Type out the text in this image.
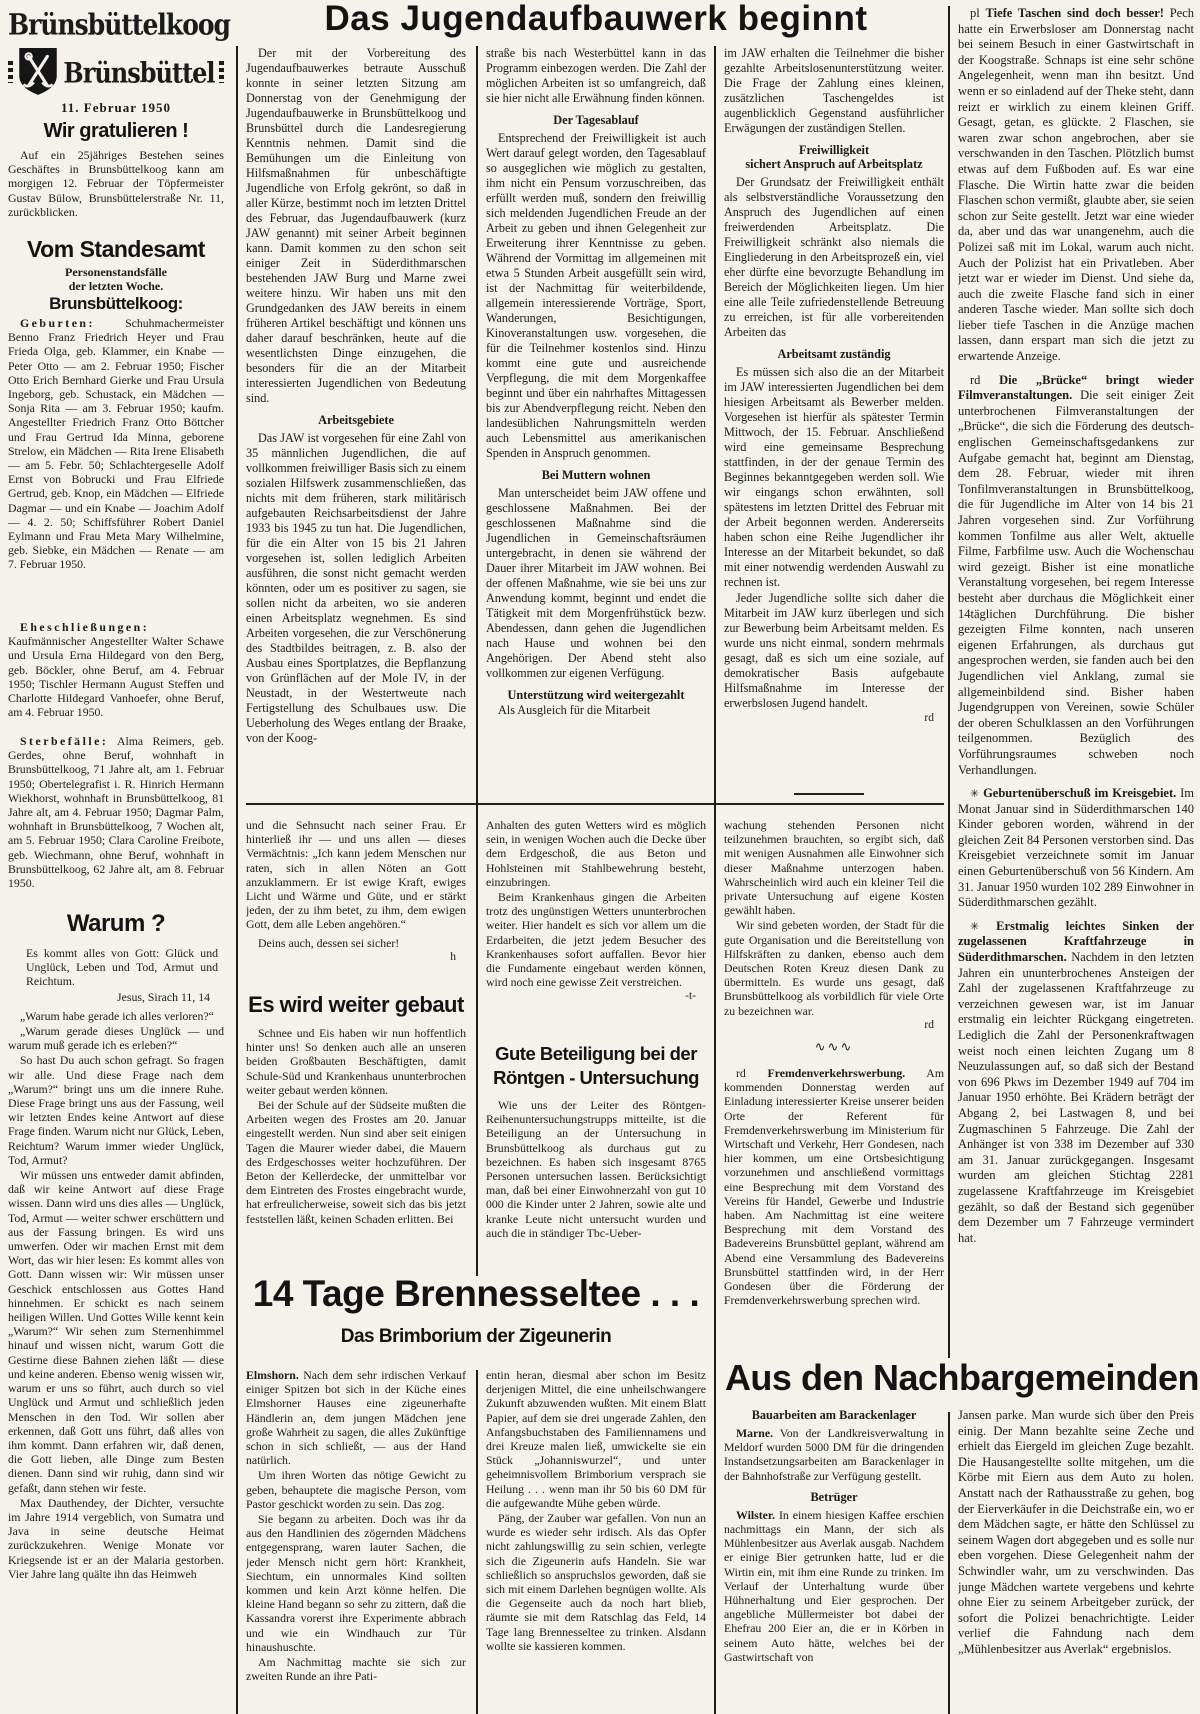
Brünsbüttelkoog
Brünsbüttel
11. Februar 1950
Wir gratulieren !

Auf ein 25jähriges Bestehen seines Geschäftes in Brunsbüttelkoog kann am morgigen 12. Februar der Töpfermeister Gustav Bülow, Brunsbüttelerstraße Nr. 11, zurückblicken.

Vom Standesamt
Personenstandsfälle
der letzten Woche.
Brunsbüttelkoog:

Geburten:	Schuhmachermeister Benno Franz Friedrich Heyer und Frau Frieda Olga, geb. Klammer, ein Knabe — Peter Otto — am 2. Februar 1950; Fischer Otto Erich Bernhard Gierke und Frau Ursula Ingeborg, geb. Schustack, ein Mädchen — Sonja Rita — am 3. Februar 1950; kaufm. Angestellter Friedrich Franz Otto Böttcher und Frau Gertrud Ida Minna, geborene Strelow, ein Mädchen — Rita Irene Elisabeth — am 5. Febr. 50; Schlachtergeselle Adolf Ernst von Bobrucki und Frau Elfriede Gertrud, geb. Knop, ein Mädchen — Elfriede Dagmar — und ein Knabe — Joachim Adolf — 4. 2. 50; Schiffsführer Robert Daniel Eylmann und Frau Meta Mary Wilhelmine, geb. Siebke, ein Mädchen — Renate — am 7. Februar 1950.

Eheschließungen: Kaufmännischer Angestellter Walter Schawe und Ursula Erna Hildegard von den Berg, geb. Böckler, ohne Beruf, am 4. Februar 1950; Tischler Hermann August Steffen und Charlotte Hildegard Vanhoefer, ohne Beruf, am 4. Februar 1950.

Sterbefälle: Alma Reimers, geb. Gerdes, ohne Beruf, wohnhaft in Brunsbüttelkoog, 71 Jahre alt, am 1. Februar 1950; Obertelegrafist i. R. Hinrich Hermann Wiekhorst, wohnhaft in Brunsbüttelkoog, 81 Jahre alt, am 4. Februar 1950; Dagmar Palm, wohnhaft in Brunsbüttelkoog, 7 Wochen alt, am 5. Februar 1950; Clara Caroline Freibote, geb. Wiechmann, ohne Beruf, wohnhaft in Brunsbüttelkoog, 62 Jahre alt, am 8. Februar 1950.

Warum ?
Es kommt alles von Gott: Glück und Unglück, Leben und Tod, Armut und Reichtum.
Jesus, Sirach 11, 14

„Warum habe gerade ich alles verloren?“

„Warum gerade dieses Unglück — und warum muß gerade ich es erleben?“

So hast Du auch schon gefragt. So fragen wir alle. Und diese Frage nach dem „Warum?“ bringt uns um die innere Ruhe. Diese Frage bringt uns aus der Fassung, weil wir letzten Endes keine Antwort auf diese Frage finden. Warum nicht nur Glück, Leben, Reichtum? Warum immer wieder Unglück, Tod, Armut?

Wir müssen uns entweder damit abfinden, daß wir keine Antwort auf diese Frage wissen. Dann wird uns dies alles — Unglück, Tod, Armut — weiter schwer erschüttern und aus der Fassung bringen. Es wird uns umwerfen. Oder wir machen Ernst mit dem Wort, das wir hier lesen: Es kommt alles von Gott. Dann wissen wir: Wir müssen unser Geschick entschlossen aus Gottes Hand hinnehmen. Er schickt es nach seinem heiligen Willen. Und Gottes Wille kennt kein „Warum?“ Wir sehen zum Sternenhimmel hinauf und wissen nicht, warum Gott die Gestirne diese Bahnen ziehen läßt — diese und keine anderen. Ebenso wenig wissen wir, warum er uns so führt, auch durch so viel Unglück und Armut und schließlich jeden Menschen in den Tod. Wir sollen aber erkennen, daß Gott uns führt, daß alles von ihm kommt. Dann erfahren wir, daß denen, die Gott lieben, alle Dinge zum Besten dienen. Dann sind wir ruhig, dann sind wir gefaßt, dann stehen wir feste.

Max Dauthendey, der Dichter, versuchte im Jahre 1914 vergeblich, von Sumatra und Java in seine deutsche Heimat zurückzukehren. Wenige Monate vor Kriegsende ist er an der Malaria gestorben. Vier Jahre lang quälte ihn das Heimweh

Das Jugendaufbauwerk beginnt

Der mit der Vorbereitung des Jugendaufbauwerkes betraute Ausschuß konnte in seiner letzten Sitzung am Donnerstag von der Genehmigung der Jugendaufbauwerke in Brunsbüttelkoog und Brunsbüttel durch die Landesregierung Kenntnis nehmen. Damit sind die Bemühungen um die Einleitung von Hilfsmaßnahmen für unbeschäftigte Jugendliche von Erfolg gekrönt, so daß in aller Kürze, bestimmt noch im letzten Drittel des Februar, das Jugendaufbauwerk (kurz JAW genannt) mit seiner Arbeit beginnen kann. Damit kommen zu den schon seit einiger Zeit in Süderdithmarschen bestehenden JAW Burg und Marne zwei weitere hinzu. Wir haben uns mit den Grundgedanken des JAW bereits in einem früheren Artikel beschäftigt und können uns daher darauf beschränken, heute auf die wesentlichsten Dinge einzugehen, die besonders für die an der Mitarbeit interessierten Jugendlichen von Bedeutung sind.

Arbeitsgebiete

Das JAW ist vorgesehen für eine Zahl von 35 männlichen Jugendlichen, die auf vollkommen freiwilliger Basis sich zu einem sozialen Hilfswerk zusammenschließen, das nichts mit dem früheren, stark militärisch aufgebauten Reichsarbeitsdienst der Jahre 1933 bis 1945 zu tun hat. Die Jugendlichen, für die ein Alter von 15 bis 21 Jahren vorgesehen ist, sollen lediglich Arbeiten ausführen, die sonst nicht gemacht werden könnten, oder um es positiver zu sagen, sie sollen nicht da arbeiten, wo sie anderen einen Arbeitsplatz wegnehmen. Es sind Arbeiten vorgesehen, die zur Verschönerung des Stadtbildes beitragen, z. B. also der Ausbau eines Sportplatzes, die Bepflanzung von Grünflächen auf der Mole IV, in der Neustadt, in der Westertweute nach Fertigstellung des Schulbaues usw. Die Ueberholung des Weges entlang der Braake, von der Koog-

und die Sehnsucht nach seiner Frau. Er hinterließ ihr — und uns allen — dieses Vermächtnis: „Ich kann jedem Menschen nur raten, sich in allen Nöten an Gott anzuklammern. Er ist ewige Kraft, ewiges Licht und Wärme und Güte, und er stärkt jeden, der zu ihm betet, zu ihm, dem ewigen Gott, dem alle Leben angehören.“

Deins auch, dessen sei sicher!

h
Es wird weiter gebaut

Schnee und Eis haben wir nun hoffentlich hinter uns! So denken auch alle an unseren beiden Großbauten Beschäftigten, damit Schule-Süd und Krankenhaus ununterbrochen weiter gebaut werden können.

Bei der Schule auf der Südseite mußten die Arbeiten wegen des Frostes am 20. Januar eingestellt werden. Nun sind aber seit einigen Tagen die Maurer wieder dabei, die Mauern des Erdgeschosses weiter hochzuführen. Der Beton der Kellerdecke, der unmittelbar vor dem Eintreten des Frostes eingebracht wurde, hat erfreulicherweise, soweit sich das bis jetzt feststellen läßt, keinen Schaden erlitten. Bei

14 Tage Brennesseltee . . .
Das Brimborium der Zigeunerin

Elmshorn. Nach dem sehr irdischen Verkauf einiger Spitzen bot sich in der Küche eines Elmshorner Hauses eine zigeunerhafte Händlerin an, dem jungen Mädchen jene große Wahrheit zu sagen, die alles Zukünftige schon in sich schließt, — aus der Hand natürlich.

Um ihren Worten das nötige Gewicht zu geben, behauptete die magische Person, vom Pastor geschickt worden zu sein. Das zog.

Sie begann zu arbeiten. Doch was ihr da aus den Handlinien des zögernden Mädchens entgegensprang, waren lauter Sachen, die jeder Mensch nicht gern hört: Krankheit, Siechtum, ein unnormales Kind sollten kommen und kein Arzt könne helfen. Die kleine Hand begann so sehr zu zittern, daß die Kassandra vorerst ihre Experimente abbrach und wie ein Windhauch zur Tür hinaushuschte.

Am Nachmittag machte sie sich zur zweiten Runde an ihre Pati-

straße bis nach Westerbüttel kann in das Programm einbezogen werden. Die Zahl der möglichen Arbeiten ist so umfangreich, daß sie hier nicht alle Erwähnung finden können.

Der Tagesablauf

Entsprechend der Freiwilligkeit ist auch Wert darauf gelegt worden, den Tagesablauf so ausgeglichen wie möglich zu gestalten, ihm nicht ein Pensum vorzuschreiben, das erfüllt werden muß, sondern den freiwillig sich meldenden Jugendlichen Freude an der Arbeit zu geben und ihnen Gelegenheit zur Erweiterung ihrer Kenntnisse zu geben. Während der Vormittag im allgemeinen mit etwa 5 Stunden Arbeit ausgefüllt sein wird, ist der Nachmittag für weiterbildende, allgemein interessierende Vorträge, Sport, Wanderungen, Besichtigungen, Kinoveranstaltungen usw. vorgesehen, die für die Teilnehmer kostenlos sind. Hinzu kommt eine gute und ausreichende Verpflegung, die mit dem Morgenkaffee beginnt und über ein nahrhaftes Mittagessen bis zur Abendverpflegung reicht. Neben den landesüblichen Nahrungsmitteln werden auch Lebensmittel aus amerikanischen Spenden in Anspruch genommen.

Bei Muttern wohnen

Man unterscheidet beim JAW offene und geschlossene Maßnahmen. Bei der geschlossenen Maßnahme sind die Jugendlichen in Gemeinschaftsräumen untergebracht, in denen sie während der Dauer ihrer Mitarbeit im JAW wohnen. Bei der offenen Maßnahme, wie sie bei uns zur Anwendung kommt, beginnt und endet die Tätigkeit mit dem Morgenfrühstück bezw. Abendessen, dann gehen die Jugendlichen nach Hause und wohnen bei den Angehörigen. Der Abend steht also vollkommen zur eigenen Verfügung.

Unterstützung wird weitergezahlt

Als Ausgleich für die Mitarbeit

Anhalten des guten Wetters wird es möglich sein, in wenigen Wochen auch die Decke über dem Erdgeschoß, die aus Beton und Hohlsteinen mit Stahlbewehrung besteht, einzubringen.

Beim Krankenhaus gingen die Arbeiten trotz des ungünstigen Wetters ununterbrochen weiter. Hier handelt es sich vor allem um die Erdarbeiten, die jetzt jedem Besucher des Krankenhauses sofort auffallen. Bevor hier die Fundamente eingebaut werden können, wird noch eine gewisse Zeit verstreichen.

-t-
Gute Beteiligung bei der
Röntgen - Untersuchung

Wie uns der Leiter des Röntgen-Reihenuntersuchungstrupps mitteilte, ist die Beteiligung an der Untersuchung in Brunsbüttelkoog als durchaus gut zu bezeichnen. Es haben sich insgesamt 8765 Personen untersuchen lassen. Berücksichtigt man, daß bei einer Einwohnerzahl von gut 10 000 die Kinder unter 2 Jahren, sowie alte und kranke Leute nicht untersucht wurden und auch die in ständiger Tbc-Ueber-

entin heran, diesmal aber schon im Besitz derjenigen Mittel, die eine unheilschwangere Zukunft abzuwenden wußten. Mit einem Blatt Papier, auf dem sie drei ungerade Zahlen, den Anfangsbuchstaben des Familiennamens und drei Kreuze malen ließ, umwickelte sie ein Stück „Johanniswurzel“, und unter geheimnisvollem Brimborium versprach sie Heilung . . . wenn man ihr 50 bis 60 DM für die aufgewandte Mühe geben würde.

Päng, der Zauber war gefallen. Von nun an wurde es wieder sehr irdisch. Als das Opfer nicht zahlungswillig zu sein schien, verlegte sich die Zigeunerin aufs Handeln. Sie war schließlich so anspruchslos geworden, daß sie sich mit einem Darlehen begnügen wollte. Als die Gegenseite auch da noch hart blieb, räumte sie mit dem Ratschlag das Feld, 14 Tage lang Brennesseltee zu trinken. Alsdann wollte sie kassieren kommen.

im JAW erhalten die Teilnehmer die bisher gezahlte Arbeitslosenunterstützung weiter. Die Frage der Zahlung eines kleinen, zusätzlichen Taschengeldes ist augenblicklich Gegenstand ausführlicher Erwägungen der zuständigen Stellen.

Freiwilligkeit

sichert Anspruch auf Arbeitsplatz

Der Grundsatz der Freiwilligkeit enthält als selbstverständliche Voraussetzung den Anspruch des Jugendlichen auf einen freiwerdenden Arbeitsplatz. Die Freiwilligkeit schränkt also niemals die Eingliederung in den Arbeitsprozeß ein, viel eher dürfte eine bevorzugte Behandlung im Bereich der Möglichkeiten liegen. Um hier eine alle Teile zufriedenstellende Betreuung zu erreichen, ist für alle vorbereitenden Arbeiten das

Arbeitsamt zuständig

Es müssen sich also die an der Mitarbeit im JAW interessierten Jugendlichen bei dem hiesigen Arbeitsamt als Bewerber melden. Vorgesehen ist hierfür als spätester Termin Mittwoch, der 15. Februar. Anschließend wird eine gemeinsame Besprechung stattfinden, in der der genaue Termin des Beginnes bekanntgegeben werden soll. Wie wir eingangs schon erwähnten, soll spätestens im letzten Drittel des Februar mit der Arbeit begonnen werden. Andererseits haben schon eine Reihe Jugendlicher ihr Interesse an der Mitarbeit bekundet, so daß mit einer notwendig werdenden Auswahl zu rechnen ist.

Jeder Jugendliche sollte sich daher die Mitarbeit im JAW kurz überlegen und sich zur Bewerbung beim Arbeitsamt melden. Es wurde uns nicht einmal, sondern mehrmals gesagt, daß es sich um eine soziale, auf demokratischer Basis aufgebaute Hilfsmaßnahme im Interesse der erwerbslosen Jugend handelt.

rd

wachung stehenden Personen nicht teilzunehmen brauchten, so ergibt sich, daß mit wenigen Ausnahmen alle Einwohner sich dieser Maßnahme unterzogen haben. Wahrscheinlich wird auch ein kleiner Teil die private Untersuchung auf eigene Kosten gewählt haben.

Wir sind gebeten worden, der Stadt für die gute Organisation und die Bereitstellung von Hilfskräften zu danken, ebenso auch dem Deutschen Roten Kreuz diesen Dank zu übermitteln. Es wurde uns gesagt, daß Brunsbüttelkoog als vorbildlich für viele Orte zu bezeichnen war.

rd
∿∿∿

rd Fremdenverkehrswerbung. Am kommenden Donnerstag werden auf Einladung interessierter Kreise unserer beiden Orte der Referent für Fremdenverkehrswerbung im Ministerium für Wirtschaft und Verkehr, Herr Gondesen, nach hier kommen, um eine Ortsbesichtigung vorzunehmen und anschließend vormittags eine Besprechung mit dem Vorstand des Vereins für Handel, Gewerbe und Industrie haben. Am Nachmittag ist eine weitere Besprechung mit dem Vorstand des Badevereins Brunsbüttel geplant, während am Abend eine Versammlung des Badevereins Brunsbüttel stattfinden wird, in der Herr Gondesen über die Förderung der Fremdenverkehrswerbung sprechen wird.

Aus den Nachbargemeinden

Bauarbeiten am Barackenlager

Marne. Von der Landkreisverwaltung in Meldorf wurden 5000 DM für die dringenden Instandsetzungsarbeiten am Barackenlager in der Bahnhofstraße zur Verfügung gestellt.

Betrüger

Wilster. In einem hiesigen Kaffee erschien nachmittags ein Mann, der sich als Mühlenbesitzer aus Averlak ausgab. Nachdem er einige Bier getrunken hatte, lud er die Wirtin ein, mit ihm eine Runde zu trinken. Im Verlauf der Unterhaltung wurde über Hühnerhaltung und Eier gesprochen. Der angebliche Müllermeister bot dabei der Ehefrau 200 Eier an, die er in Körben in seinem Auto hätte, welches bei der Gastwirtschaft von

pl Tiefe Taschen sind doch besser! Pech hatte ein Erwerbsloser am Donnerstag nacht bei seinem Besuch in einer Gastwirtschaft in der Koogstraße. Schnaps ist eine sehr schöne Angelegenheit, wenn man ihn besitzt. Und wenn er so einladend auf der Theke steht, dann reizt er wirklich zu einem kleinen Griff. Gesagt, getan, es glückte. 2 Flaschen, sie waren zwar schon angebrochen, aber sie verschwanden in den Taschen. Plötzlich bumst etwas auf dem Fußboden auf. Es war eine Flasche. Die Wirtin hatte zwar die beiden Flaschen schon vermißt, glaubte aber, sie seien schon zur Seite gestellt. Jetzt war eine wieder da, aber und das war unangenehm, auch die Polizei saß mit im Lokal, warum auch nicht. Auch der Polizist hat ein Privatleben. Aber jetzt war er wieder im Dienst. Und siehe da, auch die zweite Flasche fand sich in einer anderen Tasche wieder. Man sollte sich doch lieber tiefe Taschen in die Anzüge machen lassen, dann erspart man sich die jetzt zu erwartende Anzeige.

rd Die „Brücke“ bringt wieder Filmveranstaltungen. Die seit einiger Zeit unterbrochenen Filmveranstaltungen der „Brücke“, die sich die Förderung des deutsch-englischen Gemeinschaftsgedankens zur Aufgabe gemacht hat, beginnt am Dienstag, dem 28. Februar, wieder mit ihren Tonfilmveranstaltungen in Brunsbüttelkoog, die für Jugendliche im Alter von 14 bis 21 Jahren vorgesehen sind. Zur Vorführung kommen Tonfilme aus aller Welt, aktuelle Filme, Farbfilme usw. Auch die Wochenschau wird gezeigt. Bisher ist eine monatliche Veranstaltung vorgesehen, bei regem Interesse besteht aber durchaus die Möglichkeit einer 14täglichen Durchführung. Die bisher gezeigten Filme konnten, nach unseren eigenen Erfahrungen, als durchaus gut angesprochen werden, sie fanden auch bei den Jugendlichen viel Anklang, zumal sie allgemeinbildend sind. Bisher haben Jugendgruppen von Vereinen, sowie Schüler der oberen Schulklassen an den Vorführungen teilgenommen. Bezüglich des Vorführungsraumes schweben noch Verhandlungen.

✳ Geburtenüberschuß im Kreisgebiet. Im Monat Januar sind in Süderdithmarschen 140 Kinder geboren worden, während in der gleichen Zeit 84 Personen verstorben sind. Das Kreisgebiet verzeichnete somit im Januar einen Geburtenüberschuß von 56 Kindern. Am 31. Januar 1950 wurden 102 289 Einwohner in Süderdithmarschen gezählt.

✳ Erstmalig leichtes Sinken der zugelassenen Kraftfahrzeuge in Süderdithmarschen. Nachdem in den letzten Jahren ein ununterbrochenes Ansteigen der Zahl der zugelassenen Kraftfahrzeuge zu verzeichnen gewesen war, ist im Januar erstmalig ein leichter Rückgang eingetreten. Lediglich die Zahl der Personenkraftwagen weist noch einen leichten Zugang um 8 Neuzulassungen auf, so daß sich der Bestand von 696 Pkws im Dezember 1949 auf 704 im Januar 1950 erhöhte. Bei Krädern beträgt der Abgang 2, bei Lastwagen 8, und bei Zugmaschinen 5 Fahrzeuge. Die Zahl der Anhänger ist von 338 im Dezember auf 330 am 31. Januar zurückgegangen. Insgesamt wurden am gleichen Stichtag 2281 zugelassene Kraftfahrzeuge im Kreisgebiet gezählt, so daß der Bestand sich gegenüber dem Dezember um 7 Fahrzeuge vermindert hat.

Jansen parke. Man wurde sich über den Preis einig. Der Mann bezahlte seine Zeche und erhielt das Eiergeld im gleichen Zuge bezahlt. Die Hausangestellte sollte mitgehen, um die Körbe mit Eiern aus dem Auto zu holen. Anstatt nach der Rathausstraße zu gehen, bog der Eierverkäufer in die Deichstraße ein, wo er dem Mädchen sagte, er hätte den Schlüssel zu seinem Wagen dort abgegeben und es solle nur eben vorgehen. Diese Gelegenheit nahm der Schwindler wahr, um zu verschwinden. Das junge Mädchen wartete vergebens und kehrte ohne Eier zu seinem Arbeitgeber zurück, der sofort die Polizei benachrichtigte. Leider verlief die Fahndung nach dem „Mühlenbesitzer aus Averlak“ ergebnislos.
